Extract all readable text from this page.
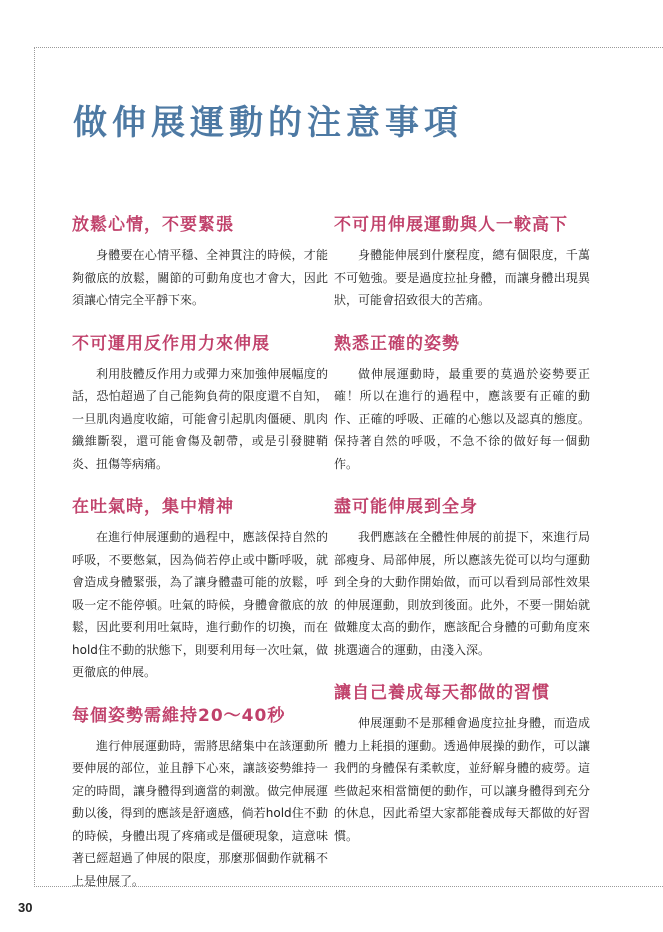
做伸展運動的注意事項
放鬆心情，不要緊張

身體要在心情平穩、全神貫注的時候，才能夠徹底的放鬆，關節的可動角度也才會大，因此須讓心情完全平靜下來。

不可運用反作用力來伸展

利用肢體反作用力或彈力來加強伸展幅度的話，恐怕超過了自己能夠負荷的限度還不自知，一旦肌肉過度收縮，可能會引起肌肉僵硬、肌肉纖維斷裂，還可能會傷及韌帶，或是引發腱鞘炎、扭傷等病痛。

在吐氣時，集中精神

在進行伸展運動的過程中，應該保持自然的呼吸，不要憋氣，因為倘若停止或中斷呼吸，就會造成身體緊張，為了讓身體盡可能的放鬆，呼吸一定不能停頓。吐氣的時候，身體會徹底的放鬆，因此要利用吐氣時，進行動作的切換，而在hold住不動的狀態下，則要利用每一次吐氣，做更徹底的伸展。

每個姿勢需維持20～40秒

進行伸展運動時，需將思緒集中在該運動所要伸展的部位，並且靜下心來，讓該姿勢維持一定的時間，讓身體得到適當的刺激。做完伸展運動以後，得到的應該是舒適感，倘若hold住不動的時候，身體出現了疼痛或是僵硬現象，這意味著已經超過了伸展的限度，那麼那個動作就稱不上是伸展了。

不可用伸展運動與人一較高下

身體能伸展到什麼程度，總有個限度，千萬不可勉強。要是過度拉扯身體，而讓身體出現異狀，可能會招致很大的苦痛。

熟悉正確的姿勢

做伸展運動時，最重要的莫過於姿勢要正確！所以在進行的過程中，應該要有正確的動作、正確的呼吸、正確的心態以及認真的態度。保持著自然的呼吸，不急不徐的做好每一個動作。

盡可能伸展到全身

我們應該在全體性伸展的前提下，來進行局部瘦身、局部伸展，所以應該先從可以均勻運動到全身的大動作開始做，而可以看到局部性效果的伸展運動，則放到後面。此外，不要一開始就做難度太高的動作，應該配合身體的可動角度來挑選適合的運動，由淺入深。

讓自己養成每天都做的習慣

伸展運動不是那種會過度拉扯身體，而造成體力上耗損的運動。透過伸展操的動作，可以讓我們的身體保有柔軟度，並紓解身體的疲勞。這些做起來相當簡便的動作，可以讓身體得到充分的休息，因此希望大家都能養成每天都做的好習慣。

30
